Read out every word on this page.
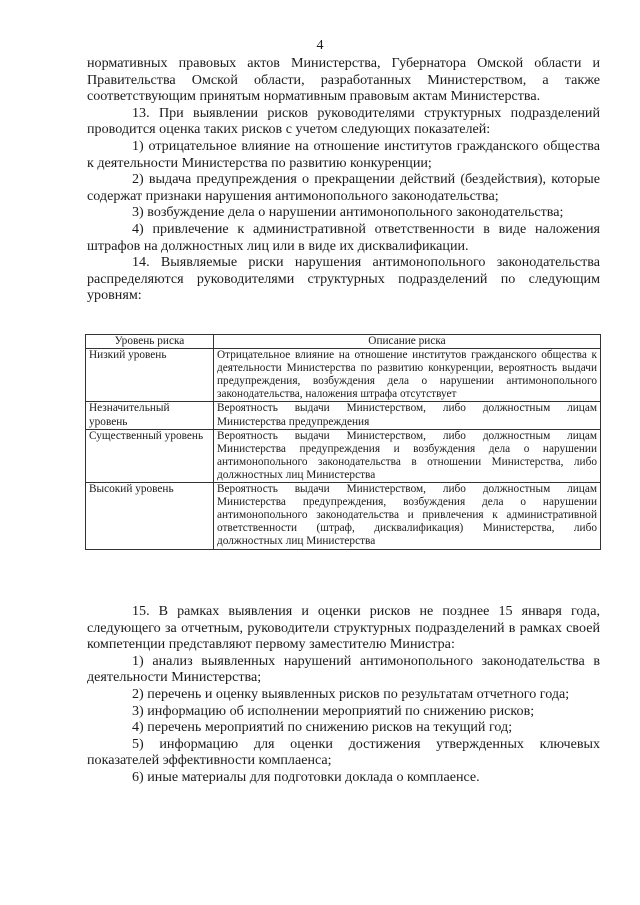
4

нормативных правовых актов Министерства, Губернатора Омской области и Правительства Омской области, разработанных Министерством, а также соответствующим принятым нормативным правовым актам Министерства.

13. При выявлении рисков руководителями структурных подразделений проводится оценка таких рисков с учетом следующих показателей:

1) отрицательное влияние на отношение институтов гражданского общества к деятельности Министерства по развитию конкуренции;

2) выдача предупреждения о прекращении действий (бездействия), которые содержат признаки нарушения антимонопольного законодательства;

3) возбуждение дела о нарушении антимонопольного законодательства;

4) привлечение к административной ответственности в виде наложения штрафов на должностных лиц или в виде их дисквалификации.

14. Выявляемые риски нарушения антимонопольного законодательства распределяются руководителями структурных подразделений по следующим уровням:

Уровень риска	Описание риска
Низкий уровень	Отрицательное влияние на отношение институтов гражданского общества к деятельности Министерства по развитию конкуренции, вероятность выдачи предупреждения, возбуждения дела о нарушении антимонопольного законодательства, наложения штрафа отсутствует
Незначительный уровень	Вероятность выдачи Министерством, либо должностным лицам Министерства предупреждения
Существенный уровень	Вероятность выдачи Министерством, либо должностным лицам Министерства предупреждения и возбуждения дела о нарушении антимонопольного законодательства в отношении Министерства, либо должностных лиц Министерства
Высокий уровень	Вероятность выдачи Министерством, либо должностным лицам Министерства предупреждения, возбуждения дела о нарушении антимонопольного законодательства и привлечения к административной ответственности (штраф, дисквалификация) Министерства, либо должностных лиц Министерства

15. В рамках выявления и оценки рисков не позднее 15 января года, следующего за отчетным, руководители структурных подразделений в рамках своей компетенции представляют первому заместителю Министра:

1) анализ выявленных нарушений антимонопольного законодательства в деятельности Министерства;

2) перечень и оценку выявленных рисков по результатам отчетного года;

3) информацию об исполнении мероприятий по снижению рисков;

4) перечень мероприятий по снижению рисков на текущий год;

5) информацию для оценки достижения утвержденных ключевых показателей эффективности комплаенса;

6) иные материалы для подготовки доклада о комплаенсе.
